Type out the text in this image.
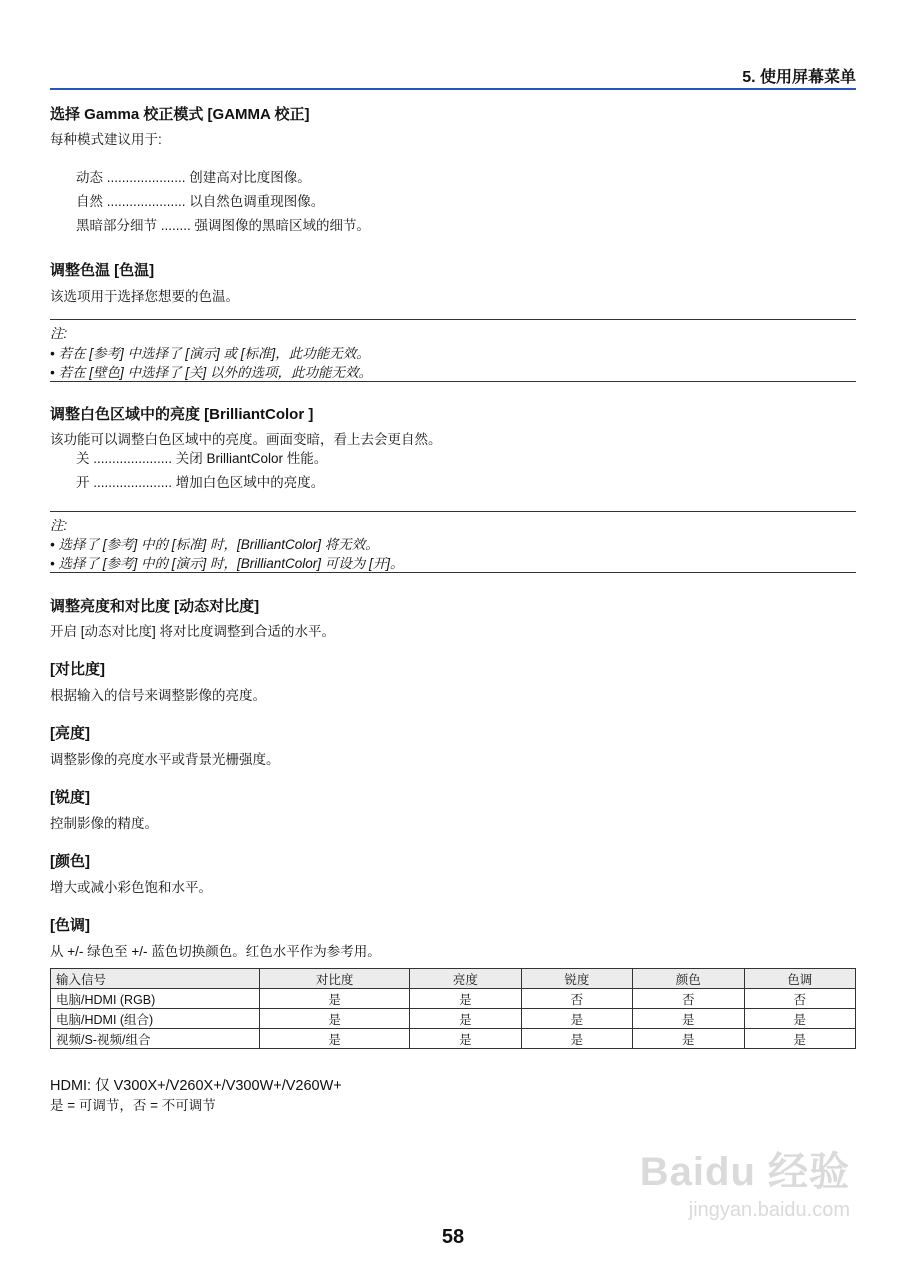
5. 使用屏幕菜单
选择 Gamma 校正模式 [GAMMA 校正]
每种模式建议用于:
动态 ..................... 创建高对比度图像。
自然 ..................... 以自然色调重现图像。
黑暗部分细节 ........ 强调图像的黑暗区域的细节。
调整色温 [色温]
该选项用于选择您想要的色温。
注:
• 若在 [参考] 中选择了 [演示] 或 [标准]，此功能无效。
• 若在 [壁色] 中选择了 [关] 以外的选项，此功能无效。
调整白色区域中的亮度 [BrilliantColor ]
该功能可以调整白色区域中的亮度。画面变暗，看上去会更自然。
关 ..................... 关闭 BrilliantColor 性能。
开 ..................... 增加白色区域中的亮度。
注:
• 选择了 [参考] 中的 [标准] 时，[BrilliantColor] 将无效。
• 选择了 [参考] 中的 [演示] 时，[BrilliantColor] 可设为 [开]。
调整亮度和对比度 [动态对比度]
开启 [动态对比度] 将对比度调整到合适的水平。
[对比度]
根据输入的信号来调整影像的亮度。
[亮度]
调整影像的亮度水平或背景光栅强度。
[锐度]
控制影像的精度。
[颜色]
增大或减小彩色饱和水平。
[色调]
从 +/- 绿色至 +/- 蓝色切换颜色。红色水平作为参考用。
输入信号	对比度	亮度	锐度	颜色	色调
电脑/HDMI (RGB)	是	是	否	否	否
电脑/HDMI (组合)	是	是	是	是	是
视频/S-视频/组合	是	是	是	是	是
HDMI: 仅 V300X+/V260X+/V300W+/V260W+
是 = 可调节，否 = 不可调节
Baidu 经验
jingyan.baidu.com
58
